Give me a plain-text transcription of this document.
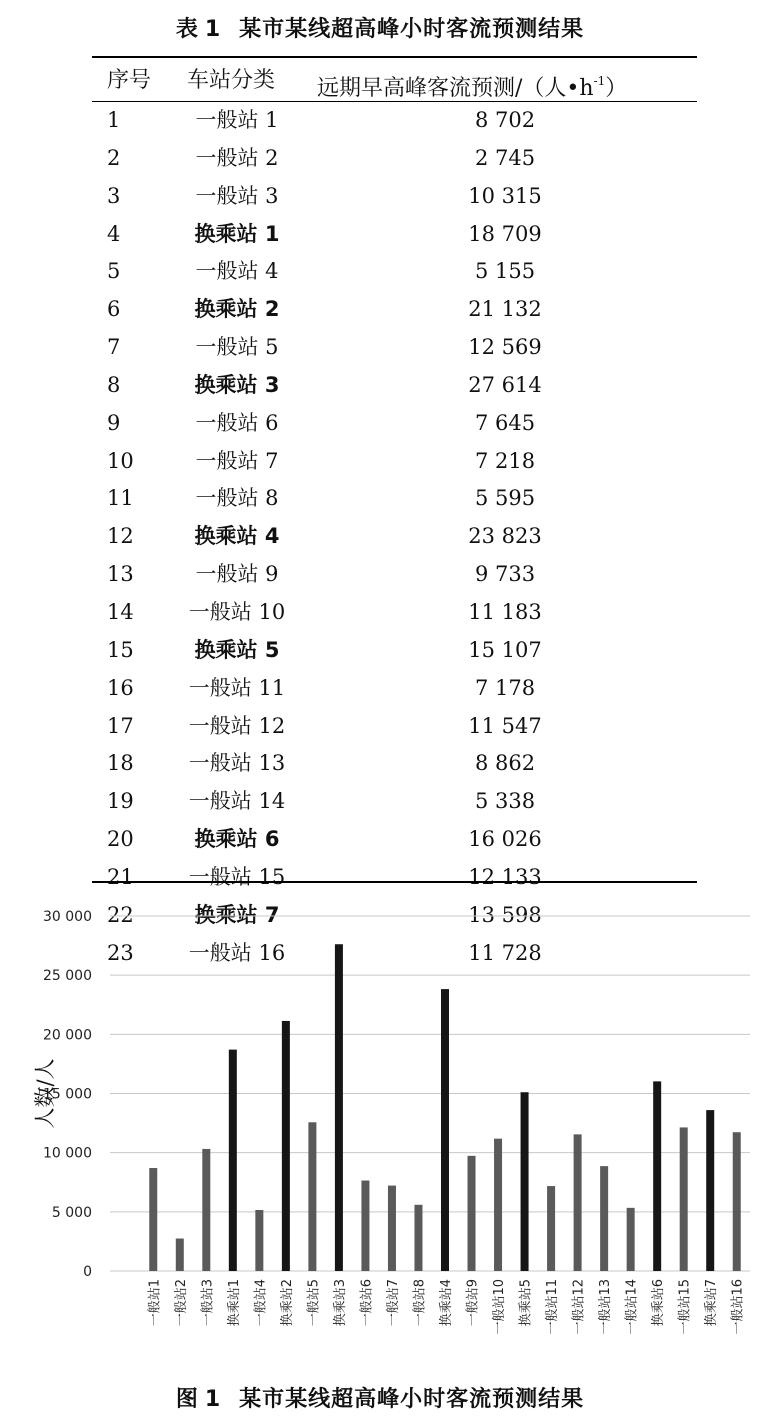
表 1 某市某线超高峰小时客流预测结果
序号 车站分类 远期早高峰客流预测/（人$•h^{-1}$）
1	一般站 1	8 702
2	一般站 2	2 745
3	一般站 3	10 315
4	换乘站 1	18 709
5	一般站 4	5 155
6	换乘站 2	21 132
7	一般站 5	12 569
8	换乘站 3	27 614
9	一般站 6	7 645
10	一般站 7	7 218
11	一般站 8	5 595
12	换乘站 4	23 823
13	一般站 9	9 733
14	一般站 10	11 183
15	换乘站 5	15 107
16	一般站 11	7 178
17	一般站 12	11 547
18	一般站 13	8 862
19	一般站 14	5 338
20	换乘站 6	16 026
21	一般站 15	12 133
22	换乘站 7	13 598
23	一般站 16	11 728
0
5 000
10 000
15 000
20 000
25 000
30 000
人数/人
一般站1 一般站2 一般站3 换乘站1 一般站4 换乘站2 一般站5 换乘站3 一般站6 一般站7 一般站8 换乘站4 一般站9 一般站10 换乘站5 一般站11 一般站12 一般站13 一般站14 换乘站6 一般站15 换乘站7 一般站16
图 1 某市某线超高峰小时客流预测结果
